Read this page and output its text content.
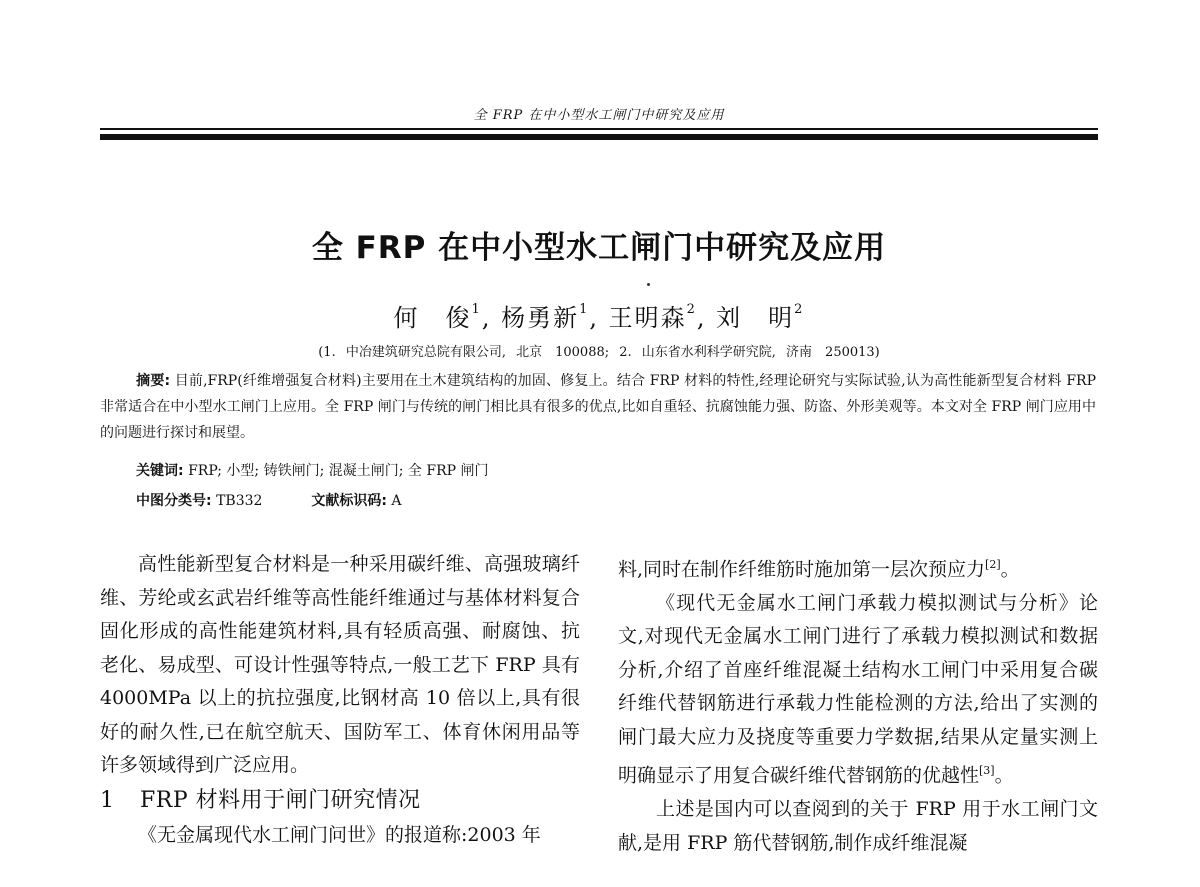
全 FRP 在中小型水工闸门中研究及应用
全 FRP 在中小型水工闸门中研究及应用
何　俊$^1$, 杨勇新$^1$, 王明森$^2$, 刘　明$^2$
(1. 中冶建筑研究总院有限公司, 北京　100088; 2. 山东省水利科学研究院, 济南　250013)
摘要: 目前,FRP(纤维增强复合材料)主要用在土木建筑结构的加固、修复上。结合 FRP 材料的特性,经理论研究与实际试验,认为高性能新型复合材料 FRP 非常适合在中小型水工闸门上应用。全 FRP 闸门与传统的闸门相比具有很多的优点,比如自重轻、抗腐蚀能力强、防盗、外形美观等。本文对全 FRP 闸门应用中的问题进行探讨和展望。
关键词: FRP; 小型; 铸铁闸门; 混凝土闸门; 全 FRP 闸门
中图分类号: TB332	文献标识码: A

高性能新型复合材料是一种采用碳纤维、高强玻璃纤维、芳纶或玄武岩纤维等高性能纤维通过与基体材料复合固化形成的高性能建筑材料,具有轻质高强、耐腐蚀、抗老化、易成型、可设计性强等特点,一般工艺下 FRP 具有 4000MPa 以上的抗拉强度,比钢材高 10 倍以上,具有很好的耐久性,已在航空航天、国防军工、体育休闲用品等许多领域得到广泛应用。

1 FRP 材料用于闸门研究情况

《无金属现代水工闸门问世》的报道称:2003 年

料,同时在制作纤维筋时施加第一层次预应力[2]。

《现代无金属水工闸门承载力模拟测试与分析》论文,对现代无金属水工闸门进行了承载力模拟测试和数据分析,介绍了首座纤维混凝土结构水工闸门中采用复合碳纤维代替钢筋进行承载力性能检测的方法,给出了实测的闸门最大应力及挠度等重要力学数据,结果从定量实测上明确显示了用复合碳纤维代替钢筋的优越性[3]。

上述是国内可以查阅到的关于 FRP 用于水工闸门文献,是用 FRP 筋代替钢筋,制作成纤维混凝
